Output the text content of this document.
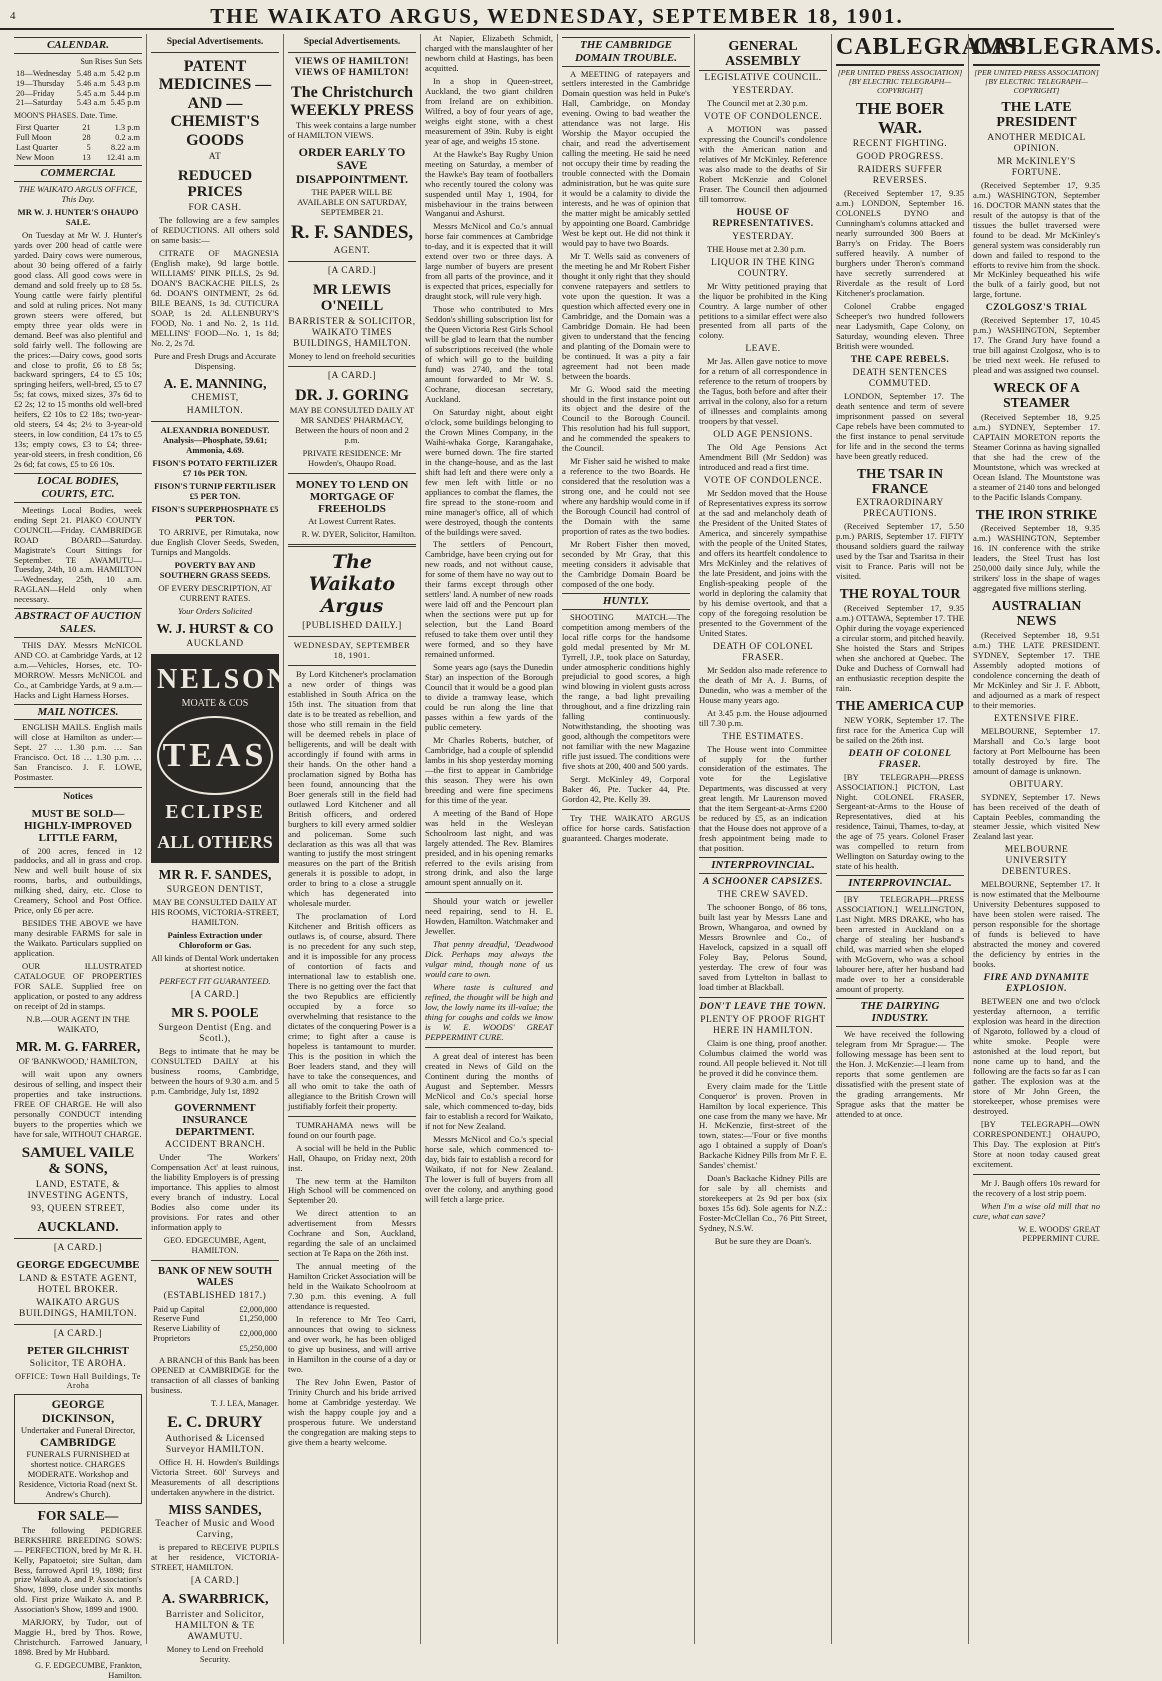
4	THE WAIKATO ARGUS, WEDNESDAY, SEPTEMBER 18, 1901.
CALENDAR.
Sun Rises Sun Sets
18—Wednesday	5.48 a.m	5.42 p.m
19—Thursday	5.46 a.m	5.43 p.m
20—Friday	5.45 a.m	5.44 p.m
21—Saturday	5.43 a.m	5.45 p.m
MOON'S PHASES. Date. Time.
First Quarter	21	1.3 p.m
Full Moon	28	0.2 a.m
Last Quarter	5	8.22 a.m
New Moon	13	12.41 a.m
COMMERCIAL

THE WAIKATO ARGUS OFFICE, This Day.

MR W. J. HUNTER'S OHAUPO SALE.

On Tuesday at Mr W. J. Hunter's yards over 200 head of cattle were yarded. Dairy cows were numerous, about 30 being offered of a fairly good class. All good cows were in demand and sold freely up to £8 5s. Young cattle were fairly plentiful and sold at ruling prices. Not many grown steers were offered, but empty three year olds were in demand. Beef was also plentiful and sold fairly well. The following are the prices:—Dairy cows, good sorts and close to profit, £6 to £8 5s; backward springers, £4 to £5 10s; springing heifers, well-bred, £5 to £7 5s; fat cows, mixed sizes, 37s 6d to £2 2s; 12 to 15 months old well-bred heifers, £2 10s to £2 18s; two-year-old steers, £4 4s; 2½ to 3-year-old steers, in low condition, £4 17s to £5 13s; empty cows, £3 to £4; three-year-old steers, in fresh condition, £6 2s 6d; fat cows, £5 to £6 10s.

LOCAL BODIES, COURTS, ETC.

Meetings Local Bodies, week ending Sept 21. PIAKO COUNTY COUNCIL—Friday. CAMBRIDGE ROAD BOARD—Saturday. Magistrate's Court Sittings for September. TE AWAMUTU—Tuesday, 24th, 10 a.m. HAMILTON—Wednesday, 25th, 10 a.m. RAGLAN—Held only when necessary.

ABSTRACT OF AUCTION SALES.

THIS DAY. Messrs McNICOL AND CO. at Cambridge Yards, at 12 a.m.—Vehicles, Horses, etc. TO-MORROW. Messrs McNICOL and Co., at Cambridge Yards, at 9 a.m.—Hacks and Light Harness Horses.

MAIL NOTICES.

ENGLISH MAILS. English mails will close at Hamilton as under:— Sept. 27 … 1.30 p.m. … San Francisco. Oct. 18 … 1.30 p.m. … San Francisco. J. F. LOWE, Postmaster.

Notices
MUST BE SOLD— HIGHLY-IMPROVED LITTLE FARM,

of 200 acres, fenced in 12 paddocks, and all in grass and crop. New and well built house of six rooms, barbs, and outbuildings, milking shed, dairy, etc. Close to Creamery, School and Post Office. Price, only £6 per acre.

BESIDES THE ABOVE we have many desirable FARMS for sale in the Waikato. Particulars supplied on application.

OUR ILLUSTRATED CATALOGUE OF PROPERTIES FOR SALE. Supplied free on application, or posted to any address on receipt of 2d in stamps.

N.B.—OUR AGENT IN THE WAIKATO,

MR. M. G. FARRER,

OF 'BANKWOOD,' HAMILTON,

will wait upon any owners desirous of selling, and inspect their properties and take instructions. FREE OF CHARGE. He will also personally CONDUCT intending buyers to the properties which we have for sale, WITHOUT CHARGE.

SAMUEL VAILE & SONS,
LAND, ESTATE, & INVESTING AGENTS,
93, QUEEN STREET,
AUCKLAND.
[A CARD.]
GEORGE EDGECUMBE
LAND & ESTATE AGENT, HOTEL BROKER.
WAIKATO ARGUS BUILDINGS, HAMILTON.
[A CARD.]
PETER GILCHRIST
Solicitor, TE AROHA.
OFFICE: Town Hall Buildings, Te Aroha
GEORGE DICKINSON,
Undertaker and Funeral Director,
CAMBRIDGE
FUNERALS FURNISHED at shortest notice. CHARGES MODERATE. Workshop and Residence, Victoria Road (next St. Andrew's Church).
FOR SALE—

The following PEDIGREE BERKSHIRE BREEDING SOWS:— PERFECTION, bred by Mr R. H. Kelly, Papatoetoi; sire Sultan, dam Bess, farrowed April 19, 1898; first prize Waikato A. and P. Association's Show, 1899, close under six months old. First prize Waikato A. and P. Association's Show, 1899 and 1900.

MARJORY, by Tudor, out of Maggie H., bred by Thos. Rowe, Christchurch. Farrowed January, 1898. Bred by Mr Hubbard.

G. F. EDGECUMBE, Frankton, Hamilton.
Special Advertisements.
PATENT MEDICINES — AND — CHEMIST'S GOODS
AT
REDUCED PRICES
FOR CASH.

The following are a few samples of REDUCTIONS. All others sold on same basis:—

CITRATE OF MAGNESIA (English make), 9d large bottle. WILLIAMS' PINK PILLS, 2s 9d. DOAN'S BACKACHE PILLS, 2s 6d. DOAN'S OINTMENT, 2s 6d. BILE BEANS, 1s 3d. CUTICURA SOAP, 1s 2d. ALLENBURY'S FOOD, No. 1 and No. 2, 1s 11d. MELLINS' FOOD—No. 1, 1s 8d; No. 2, 2s 7d.

Pure and Fresh Drugs and Accurate Dispensing.

A. E. MANNING,
CHEMIST,
HAMILTON.

ALEXANDRIA BONEDUST. Analysis—Phosphate, 59.61; Ammonia, 4.69.

FISON'S POTATO FERTILIZER £7 10s PER TON.

FISON'S TURNIP FERTILISER £5 PER TON.

FISON'S SUPERPHOSPHATE £5 PER TON.

TO ARRIVE, per Rimutaka, now due English Clover Seeds, Sweden, Turnips and Mangolds.

POVERTY BAY AND SOUTHERN GRASS SEEDS.

OF EVERY DESCRIPTION, AT CURRENT RATES.

Your Orders Solicited

W. J. HURST & CO
AUCKLAND
NELSON
MOATE & COS
TEAS
ECLIPSE
ALL OTHERS
MR R. F. SANDES,
SURGEON DENTIST,

MAY BE CONSULTED DAILY AT HIS ROOMS, VICTORIA-STREET, HAMILTON.

Painless Extraction under Chloroform or Gas.

All kinds of Dental Work undertaken at shortest notice.

PERFECT FIT GUARANTEED.

[A CARD.]
MR S. POOLE
Surgeon Dentist (Eng. and Scotl.),

Begs to intimate that he may be CONSULTED DAILY at his business rooms, Cambridge, between the hours of 9.30 a.m. and 5 p.m. Cambridge, July 1st, 1892

GOVERNMENT INSURANCE DEPARTMENT.
ACCIDENT BRANCH.

Under 'The Workers' Compensation Act' at least ruinous, the liability Employers is of pressing importance. This applies to almost every branch of industry. Local Bodies also come under its provisions. For rates and other information apply to

GEO. EDGECUMBE, Agent, HAMILTON.

BANK OF NEW SOUTH WALES
(ESTABLISHED 1817.)
Paid up Capital	£2,000,000
Reserve Fund	£1,250,000
Reserve Liability of Proprietors	£2,000,000
	£5,250,000

A BRANCH of this Bank has been OPENED at CAMBRIDGE for the transaction of all classes of banking business.

T. J. LEA, Manager.
E. C. DRURY
Authorised & Licensed Surveyor HAMILTON.

Office H. H. Howden's Buildings Victoria Street. 60l' Surveys and Measurements of all descriptions undertaken anywhere in the district.

MISS SANDES,
Teacher of Music and Wood Carving,

is prepared to RECEIVE PUPILS at her residence, VICTORIA-STREET, HAMILTON.

[A CARD.]
A. SWARBRICK,
Barrister and Solicitor, HAMILTON & TE AWAMUTU.

Money to Lend on Freehold Security.

Special Advertisements.
VIEWS OF HAMILTON! VIEWS OF HAMILTON!
The Christchurch WEEKLY PRESS

This week contains a large number of HAMILTON VIEWS.

ORDER EARLY TO SAVE DISAPPOINTMENT.

THE PAPER WILL BE AVAILABLE ON SATURDAY, SEPTEMBER 21.

R. F. SANDES,
AGENT.
[A CARD.]
MR LEWIS O'NEILL
BARRISTER & SOLICITOR, WAIKATO TIMES BUILDINGS, HAMILTON.

Money to lend on freehold securities

[A CARD.]
DR. J. GORING

MAY BE CONSULTED DAILY AT MR SANDES' PHARMACY, Between the hours of noon and 2 p.m.

PRIVATE RESIDENCE: Mr Howden's, Ohaupo Road.

MONEY TO LEND ON MORTGAGE OF FREEHOLDS

At Lowest Current Rates.

R. W. DYER, Solicitor, Hamilton.
The Waikato Argus
[PUBLISHED DAILY.]
WEDNESDAY, SEPTEMBER 18, 1901.

By Lord Kitchener's proclamation a new order of things was established in South Africa on the 15th inst. The situation from that date is to be treated as rebellion, and those who still remain in the field will be deemed rebels in place of belligerents, and will be dealt with accordingly if found with arms in their hands. On the other hand a proclamation signed by Botha has been found, announcing that the Boer generals still in the field had outlawed Lord Kitchener and all British officers, and ordered burghers to kill every armed soldier and policeman. Some such declaration as this was all that was wanting to justify the most stringent measures on the part of the British generals it is possible to adopt, in order to bring to a close a struggle which has degenerated into wholesale murder.

The proclamation of Lord Kitchener and British officers as outlaws is, of course, absurd. There is no precedent for any such step, and it is impossible for any process of contortion of facts and international law to establish one. There is no getting over the fact that the two Republics are efficiently occupied by a force so overwhelming that resistance to the dictates of the conquering Power is a crime; to fight after a cause is hopeless is tantamount to murder. This is the position in which the Boer leaders stand, and they will have to take the consequences, and all who omit to take the oath of allegiance to the British Crown will justifiably forfeit their property.

TUMRAHAMA news will be found on our fourth page.

A social will be held in the Public Hall, Ohaupo, on Friday next, 20th inst.

The new term at the Hamilton High School will be commenced on September 20.

We direct attention to an advertisement from Messrs Cochrane and Son, Auckland, regarding the sale of an unclaimed section at Te Rapa on the 26th inst.

The annual meeting of the Hamilton Cricket Association will be held in the Waikato Schoolroom at 7.30 p.m. this evening. A full attendance is requested.

In reference to Mr Teo Carri, announces that owing to sickness and over work, he has been obliged to give up business, and will arrive in Hamilton in the course of a day or two.

The Rev John Ewen, Pastor of Trinity Church and his bride arrived home at Cambridge yesterday. We wish the happy couple joy and a prosperous future. We understand the congregation are making steps to give them a hearty welcome.

At Napier, Elizabeth Schmidt, charged with the manslaughter of her newborn child at Hastings, has been acquitted.

In a shop in Queen-street, Auckland, the two giant children from Ireland are on exhibition. Wilfred, a boy of four years of age, weighs eight stone, with a chest measurement of 39in. Ruby is eight year of age, and weighs 15 stone.

At the Hawke's Bay Rugby Union meeting on Saturday, a member of the Hawke's Bay team of footballers who recently toured the colony was suspended until May 1, 1904, for misbehaviour in the trains between Wanganui and Ashurst.

Messrs McNicol and Co.'s annual horse fair commences at Cambridge to-day, and it is expected that it will extend over two or three days. A large number of buyers are present from all parts of the province, and it is expected that prices, especially for draught stock, will rule very high.

Those who contributed to Mrs Seddon's shilling subscription list for the Queen Victoria Rest Girls School will be glad to learn that the number of subscriptions received (the whole of which will go to the building fund) was 2740, and the total amount forwarded to Mr W. S. Cochrane, diocesan secretary, Auckland.

On Saturday night, about eight o'clock, some buildings belonging to the Crown Mines Company, in the Waihi-whaka Gorge, Karangahake, were burned down. The fire started in the change-house, and as the last shift had left and there were only a few men left with little or no appliances to combat the flames, the fire spread to the stone-room and mine manager's office, all of which were destroyed, though the contents of the buildings were saved.

The settlers of Pencourt, Cambridge, have been crying out for new roads, and not without cause, for some of them have no way out to their farms except through other settlers' land. A number of new roads were laid off and the Pencourt plan when the sections were put up for selection, but the Land Board refused to take them over until they were formed, and so they have remained unformed.

Some years ago (says the Dunedin Star) an inspection of the Borough Council that it would be a good plan to divide a tramway lease, which could be run along the line that passes within a few yards of the public cemetery.

Mr Charles Roberts, butcher, of Cambridge, had a couple of splendid lambs in his shop yesterday morning—the first to appear in Cambridge this season. They were his own breeding and were fine specimens for this time of the year.

A meeting of the Band of Hope was held in the Wesleyan Schoolroom last night, and was largely attended. The Rev. Blamires presided, and in his opening remarks referred to the evils arising from strong drink, and also the large amount spent annually on it.

Should your watch or jeweller need repairing, send to H. E. Howden, Hamilton. Watchmaker and Jeweller.

That penny dreadful, 'Deadwood Dick. Perhaps may always the vulgar mind, though none of us would care to own.

Where taste is cultured and refined, the thought will be high and low, the lowly name its ill-value; the thing for coughs and colds we know is W. E. WOODS' GREAT PEPPERMINT CURE.

A great deal of interest has been created in News of Gild on the Continent during the months of August and September. Messrs McNicol and Co.'s special horse sale, which commenced to-day, bids fair to establish a record for Waikato, if not for New Zealand.

Messrs McNicol and Co.'s special horse sale, which commenced to-day, bids fair to establish a record for Waikato, if not for New Zealand. The lower is full of buyers from all over the colony, and anything good will fetch a large price.

THE CAMBRIDGE DOMAIN TROUBLE.

A MEETING of ratepayers and settlers interested in the Cambridge Domain question was held in Puke's Hall, Cambridge, on Monday evening. Owing to bad weather the attendance was not large. His Worship the Mayor occupied the chair, and read the advertisement calling the meeting. He said he need not occupy their time by reading the trouble connected with the Domain administration, but he was quite sure it would be a calamity to divide the interests, and he was of opinion that the matter might be amicably settled by appointing one Board. Cambridge West be kept out. He did not think it would pay to have two Boards.

Mr T. Wells said as conveners of the meeting he and Mr Robert Fisher thought it only right that they should convene ratepayers and settlers to vote upon the question. It was a question which affected every one in Cambridge, and the Domain was a Cambridge Domain. He had been given to understand that the fencing and planting of the Domain were to be continued. It was a pity a fair agreement had not been made between the boards.

Mr G. Wood said the meeting should in the first instance point out its object and the desire of the Council to the Borough Council. This resolution had his full support, and he commended the speakers to the Council.

Mr Fisher said he wished to make a reference to the two Boards. He considered that the resolution was a strong one, and he could not see where any hardship would come in if the Borough Council had control of the Domain with the same proportion of rates as the two bodies.

Mr Robert Fisher then moved, seconded by Mr Gray, that this meeting considers it advisable that the Cambridge Domain Board be composed of the one body.

HUNTLY.

SHOOTING MATCH.—The competition among members of the local rifle corps for the handsome gold medal presented by Mr M. Tyrrell, J.P., took place on Saturday, under atmospheric conditions highly prejudicial to good scores, a high wind blowing in violent gusts across the range, a bad light prevailing throughout, and a fine drizzling rain falling continuously. Notwithstanding, the shooting was good, although the competitors were not familiar with the new Magazine rifle just issued. The conditions were five shots at 200, 400 and 500 yards.

Sergt. McKinley 49, Corporal Baker 46, Pte. Tucker 44, Pte. Gordon 42, Pte. Kelly 39.

Try THE WAIKATO ARGUS office for horse cards. Satisfaction guaranteed. Charges moderate.

GENERAL ASSEMBLY
LEGISLATIVE COUNCIL.
YESTERDAY.

The Council met at 2.30 p.m.

VOTE OF CONDOLENCE.

A MOTION was passed expressing the Council's condolence with the American nation and relatives of Mr McKinley. Reference was also made to the deaths of Sir Robert McKenzie and Colonel Fraser. The Council then adjourned till tomorrow.

HOUSE OF REPRESENTATIVES.
YESTERDAY.

THE House met at 2.30 p.m.

LIQUOR IN THE KING COUNTRY.

Mr Witty petitioned praying that the liquor be prohibited in the King Country. A large number of other petitions to a similar effect were also presented from all parts of the colony.

LEAVE.

Mr Jas. Allen gave notice to move for a return of all correspondence in reference to the return of troopers by the Tagus, both before and after their arrival in the colony, also for a return of illnesses and complaints among troopers by that vessel.

OLD AGE PENSIONS.

The Old Age Pensions Act Amendment Bill (Mr Seddon) was introduced and read a first time.

VOTE OF CONDOLENCE.

Mr Seddon moved that the House of Representatives express its sorrow at the sad and melancholy death of the President of the United States of America, and sincerely sympathise with the people of the United States, and offers its heartfelt condolence to Mrs McKinley and the relatives of the late President, and joins with the English-speaking people of the world in deploring the calamity that by his demise overtook, and that a copy of the foregoing resolution be presented to the Government of the United States.

DEATH OF COLONEL FRASER.

Mr Seddon also made reference to the death of Mr A. J. Burns, of Dunedin, who was a member of the House many years ago.

At 3.45 p.m. the House adjourned till 7.30 p.m.

THE ESTIMATES.

The House went into Committee of supply for the further consideration of the estimates. The vote for the Legislative Departments, was discussed at very great length. Mr Laurenson moved that the item Sergeant-at-Arms £200 be reduced by £5, as an indication that the House does not approve of a fresh appointment being made to that position.

INTERPROVINCIAL.
A SCHOONER CAPSIZES.
THE CREW SAVED.

The schooner Bongo, of 86 tons, built last year by Messrs Lane and Brown, Whangaroa, and owned by Messrs Brownlee and Co., of Havelock, capsized in a squall off Foley Bay, Pelorus Sound, yesterday. The crew of four was saved from Lyttelton in ballast to load timber at Blackball.

DON'T LEAVE THE TOWN.
PLENTY OF PROOF RIGHT HERE IN HAMILTON.

Claim is one thing, proof another. Columbus claimed the world was round. All people believed it. Not till he proved it did he convince them.

Every claim made for the 'Little Conqueror' is proven. Proven in Hamilton by local experience. This one case from the many we have. Mr H. McKenzie, first-street of the town, states:—'Four or five months ago I obtained a supply of Doan's Backache Kidney Pills from Mr F. E. Sandes' chemist.'

Doan's Backache Kidney Pills are for sale by all chemists and storekeepers at 2s 9d per box (six boxes 15s 6d). Sole agents for N.Z.: Foster-McClellan Co., 76 Pitt Street, Sydney, N.S.W.

But be sure they are Doan's.

CABLEGRAMS.
[PER UNITED PRESS ASSOCIATION]
[BY ELECTRIC TELEGRAPH—COPYRIGHT]
THE BOER WAR.
RECENT FIGHTING.
GOOD PROGRESS.
RAIDERS SUFFER REVERSES.

(Received September 17, 9.35 a.m.) LONDON, September 16. COLONELS DYNO and Cunningham's columns attacked and nearly surrounded 300 Boers at Barry's on Friday. The Boers suffered heavily. A number of burghers under Theron's command have secretly surrendered at Riverdale as the result of Lord Kitchener's proclamation.

Colonel Crabbe engaged Scheeper's two hundred followers near Ladysmith, Cape Colony, on Saturday, wounding eleven. Three British were wounded.

THE CAPE REBELS.
DEATH SENTENCES COMMUTED.

LONDON, September 17. The death sentence and term of severe imprisonment passed on several Cape rebels have been commuted to the first instance to penal servitude for life and in the second the terms have been greatly reduced.

THE TSAR IN FRANCE
EXTRAORDINARY PRECAUTIONS.

(Received September 17, 5.50 p.m.) PARIS, September 17. FIFTY thousand soldiers guard the railway used by the Tsar and Tsaritsa in their visit to France. Paris will not be visited.

THE ROYAL TOUR

(Received September 17, 9.35 a.m.) OTTAWA, September 17. THE Ophir during the voyage experienced a circular storm, and pitched heavily. She hoisted the Stars and Stripes when she anchored at Quebec. The Duke and Duchess of Cornwall had an enthusiastic reception despite the rain.

THE AMERICA CUP

NEW YORK, September 17. The first race for the America Cup will be sailed on the 26th inst.

DEATH OF COLONEL FRASER.

[BY TELEGRAPH—PRESS ASSOCIATION.] PICTON, Last Night. COLONEL FRASER, Sergeant-at-Arms to the House of Representatives, died at his residence, Tainui, Thames, to-day, at the age of 75 years. Colonel Fraser was compelled to return from Wellington on Saturday owing to the state of his health.

INTERPROVINCIAL.

[BY TELEGRAPH—PRESS ASSOCIATION.] WELLINGTON, Last Night. MRS DRAKE, who has been arrested in Auckland on a charge of stealing her husband's child, was married when she eloped with McGovern, who was a school labourer here, after her husband had made over to her a considerable amount of property.

THE DAIRYING INDUSTRY.

We have received the following telegram from Mr Sprague:— The following message has been sent to the Hon. J. McKenzie:—I learn from reports that some gentlemen are dissatisfied with the present state of the grading arrangements. Mr Sprague asks that the matter be attended to at once.

CABLEGRAMS.
[PER UNITED PRESS ASSOCIATION]
[BY ELECTRIC TELEGRAPH—COPYRIGHT]
THE LATE PRESIDENT
ANOTHER MEDICAL OPINION.
MR McKINLEY'S FORTUNE.

(Received September 17, 9.35 a.m.) WASHINGTON, September 16. DOCTOR MANN states that the result of the autopsy is that of the tissues the bullet traversed were found to be dead. Mr McKinley's general system was considerably run down and failed to respond to the efforts to revive him from the shock. Mr McKinley bequeathed his wife the bulk of a fairly good, but not large, fortune.

CZOLGOSZ'S TRIAL

(Received September 17, 10.45 p.m.) WASHINGTON, September 17. The Grand Jury have found a true bill against Czolgosz, who is to be tried next week. He refused to plead and was assigned two counsel.

WRECK OF A STEAMER

(Received September 18, 9.25 a.m.) SYDNEY, September 17. CAPTAIN MORETON reports the Steamer Corinna as having signalled that she had the crew of the Mountstone, which was wrecked at Ocean Island. The Mountstone was a steamer of 2140 tons and belonged to the Pacific Islands Company.

THE IRON STRIKE

(Received September 18, 9.35 a.m.) WASHINGTON, September 16. IN conference with the strike leaders, the Steel Trust has lost 250,000 daily since July, while the strikers' loss in the shape of wages aggregated five millions sterling.

AUSTRALIAN NEWS

(Received September 18, 9.51 a.m.) THE LATE PRESIDENT. SYDNEY, September 17. THE Assembly adopted motions of condolence concerning the death of Mr McKinley and Sir J. F. Abbott, and adjourned as a mark of respect to their memories.

EXTENSIVE FIRE.

MELBOURNE, September 17. Marshall and Co.'s large boot factory at Port Melbourne has been totally destroyed by fire. The amount of damage is unknown.

OBITUARY.

SYDNEY, September 17. News has been received of the death of Captain Peebles, commanding the steamer Jessie, which visited New Zealand last year.

MELBOURNE UNIVERSITY DEBENTURES.

MELBOURNE, September 17. It is now estimated that the Melbourne University Debentures supposed to have been stolen were raised. The person responsible for the shortage of funds is believed to have abstracted the money and covered the deficiency by entries in the books.

FIRE AND DYNAMITE EXPLOSION.

BETWEEN one and two o'clock yesterday afternoon, a terrific explosion was heard in the direction of Ngaroto, followed by a cloud of white smoke. People were astonished at the loud report, but none came up to hand, and the following are the facts so far as I can gather. The explosion was at the store of Mr John Green, the storekeeper, whose premises were destroyed.

[BY TELEGRAPH—OWN CORRESPONDENT.] OHAUPO, This Day. The explosion at Pitt's Store at noon today caused great excitement.

Mr J. Baugh offers 10s reward for the recovery of a lost strip poem.

When I'm a wise old mill that no cure, what can save?

W. E. WOODS' GREAT PEPPERMINT CURE.
